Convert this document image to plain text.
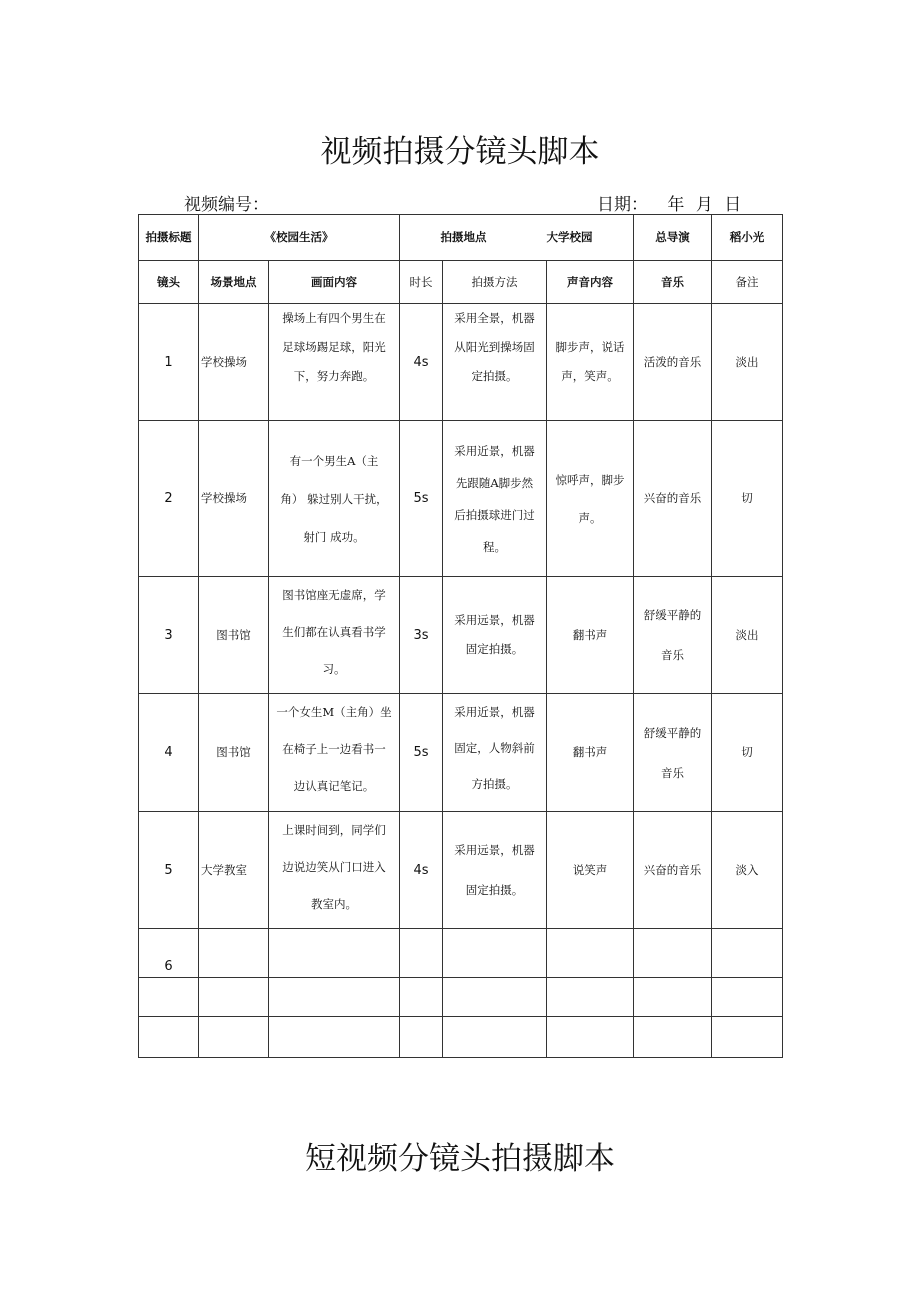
视频拍摄分镜头脚本
视频编号：	日期： 年 月 日
拍摄标题	《校园生活》		拍摄地点 大学校园			总导演	稻小光
镜头	场景地点	画面内容	时长	拍摄方法	声音内容	音乐	备注
1	学校操场	操场上有四个男生在
足球场踢足球，阳光
下，努力奔跑。	4s	采用全景，机器
从阳光到操场固
定拍摄。	脚步声，说话
声，笑声。	活泼的音乐	淡出
2	学校操场	有一个男生A（主
角） 躲过别人干扰，
射门 成功。	5s	采用近景，机器
先跟随A脚步然
后拍摄球进门过
程。	惊呼声，脚步
声。	兴奋的音乐	切
3	图书馆	图书馆座无虚席，学
生们都在认真看书学
习。	3s	采用远景，机器
固定拍摄。	翻书声	舒缓平静的
音乐	淡出
4	图书馆	一个女生M（主角）坐
在椅子上一边看书一
边认真记笔记。	5s	采用近景，机器
固定，人物斜前
方拍摄。	翻书声	舒缓平静的
音乐	切
5	大学教室	上课时间到，同学们
边说边笑从门口进入
教室内。	4s	采用远景，机器
固定拍摄。	说笑声	兴奋的音乐	淡入
6							

短视频分镜头拍摄脚本
